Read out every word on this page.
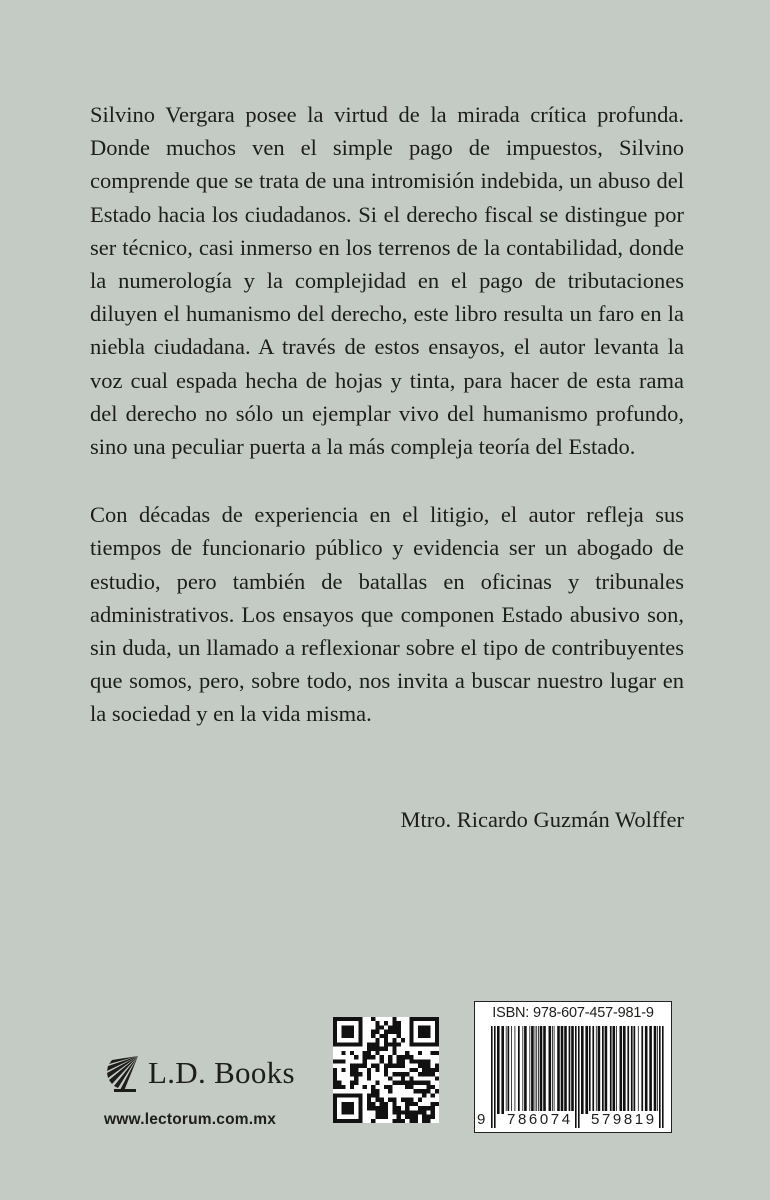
Silvino Vergara posee la virtud de la mirada crítica profunda. Donde muchos ven el simple pago de impuestos, Silvino comprende que se trata de una intromisión indebida, un abuso del Estado hacia los ciudadanos. Si el derecho fiscal se distingue por ser técnico, casi inmerso en los terrenos de la contabilidad, donde la numerología y la complejidad en el pago de tributaciones diluyen el humanismo del derecho, este libro resulta un faro en la niebla ciudadana. A través de estos ensayos, el autor levanta la voz cual espada hecha de hojas y tinta, para hacer de esta rama del derecho no sólo un ejemplar vivo del humanismo profundo, sino una peculiar puerta a la más compleja teoría del Estado.

Con décadas de experiencia en el litigio, el autor refleja sus tiempos de funcionario público y evidencia ser un abogado de estudio, pero también de batallas en oficinas y tribunales administrativos. Los ensayos que componen Estado abusivo son, sin duda, un llamado a reflexionar sobre el tipo de contribuyentes que somos, pero, sobre todo, nos invita a buscar nuestro lugar en la sociedad y en la vida misma.

Mtro. Ricardo Guzmán Wolffer
L.D. Books
www.lectorum.com.mx
ISBN: 978-607-457-981-9
9 786074 579819
